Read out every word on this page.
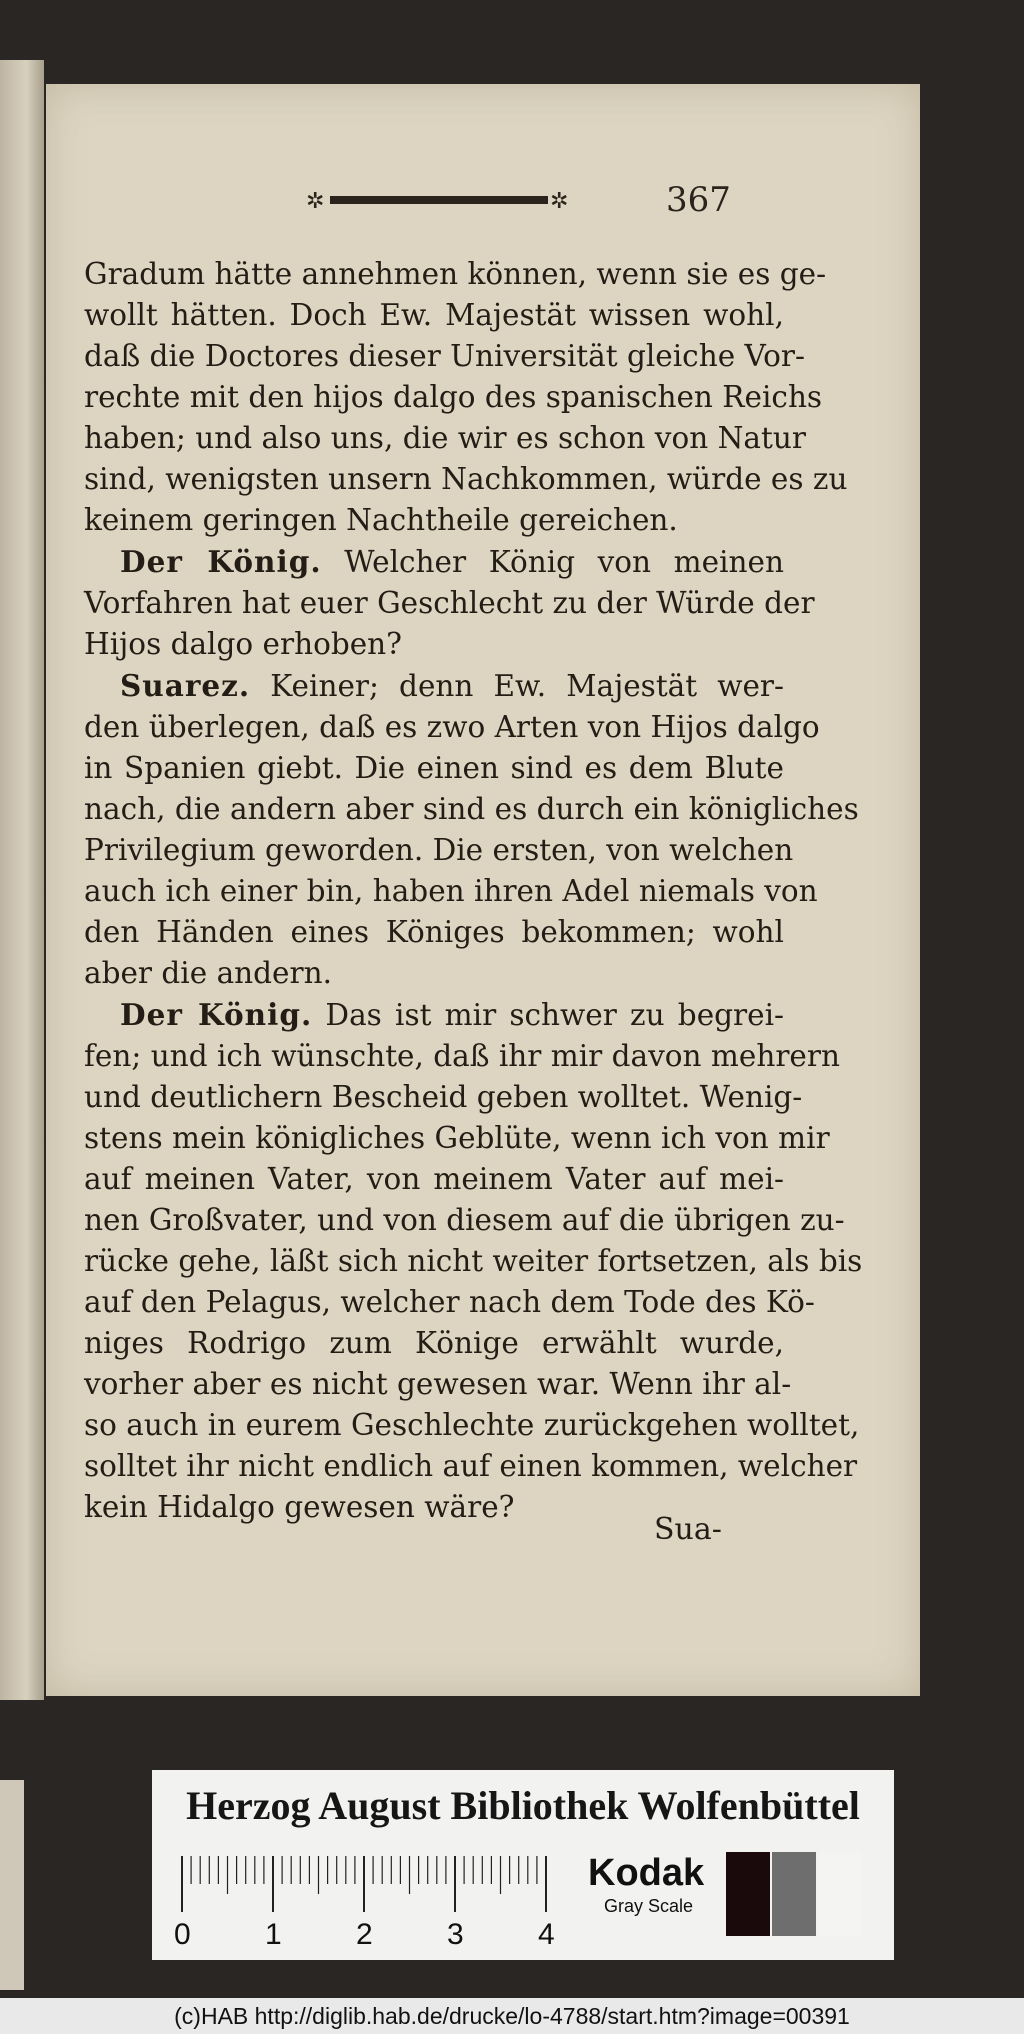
✲	✲	367
Gradum hätte annehmen können, wenn sie es ge-
wollt hätten. Doch Ew. Majestät wissen wohl,
daß die Doctores dieser Universität gleiche Vor-
rechte mit den hijos dalgo des spanischen Reichs
haben; und also uns, die wir es schon von Natur
sind, wenigsten unsern Nachkommen, würde es zu
keinem geringen Nachtheile gereichen.
Der König. Welcher König von meinen
Vorfahren hat euer Geschlecht zu der Würde der
Hijos dalgo erhoben?
Suarez. Keiner; denn Ew. Majestät wer-
den überlegen, daß es zwo Arten von Hijos dalgo
in Spanien giebt. Die einen sind es dem Blute
nach, die andern aber sind es durch ein königliches
Privilegium geworden. Die ersten, von welchen
auch ich einer bin, haben ihren Adel niemals von
den Händen eines Königes bekommen; wohl
aber die andern.
Der König. Das ist mir schwer zu begrei-
fen; und ich wünschte, daß ihr mir davon mehrern
und deutlichern Bescheid geben wolltet. Wenig-
stens mein königliches Geblüte, wenn ich von mir
auf meinen Vater, von meinem Vater auf mei-
nen Großvater, und von diesem auf die übrigen zu-
rücke gehe, läßt sich nicht weiter fortsetzen, als bis
auf den Pelagus, welcher nach dem Tode des Kö-
niges Rodrigo zum Könige erwählt wurde,
vorher aber es nicht gewesen war. Wenn ihr al-
so auch in eurem Geschlechte zurückgehen wolltet,
solltet ihr nicht endlich auf einen kommen, welcher
kein Hidalgo gewesen wäre?
Sua-
Herzog August Bibliothek Wolfenbüttel
0 1 2 3 4
Kodak
Gray Scale
(c)HAB http://diglib.hab.de/drucke/lo-4788/start.htm?image=00391
